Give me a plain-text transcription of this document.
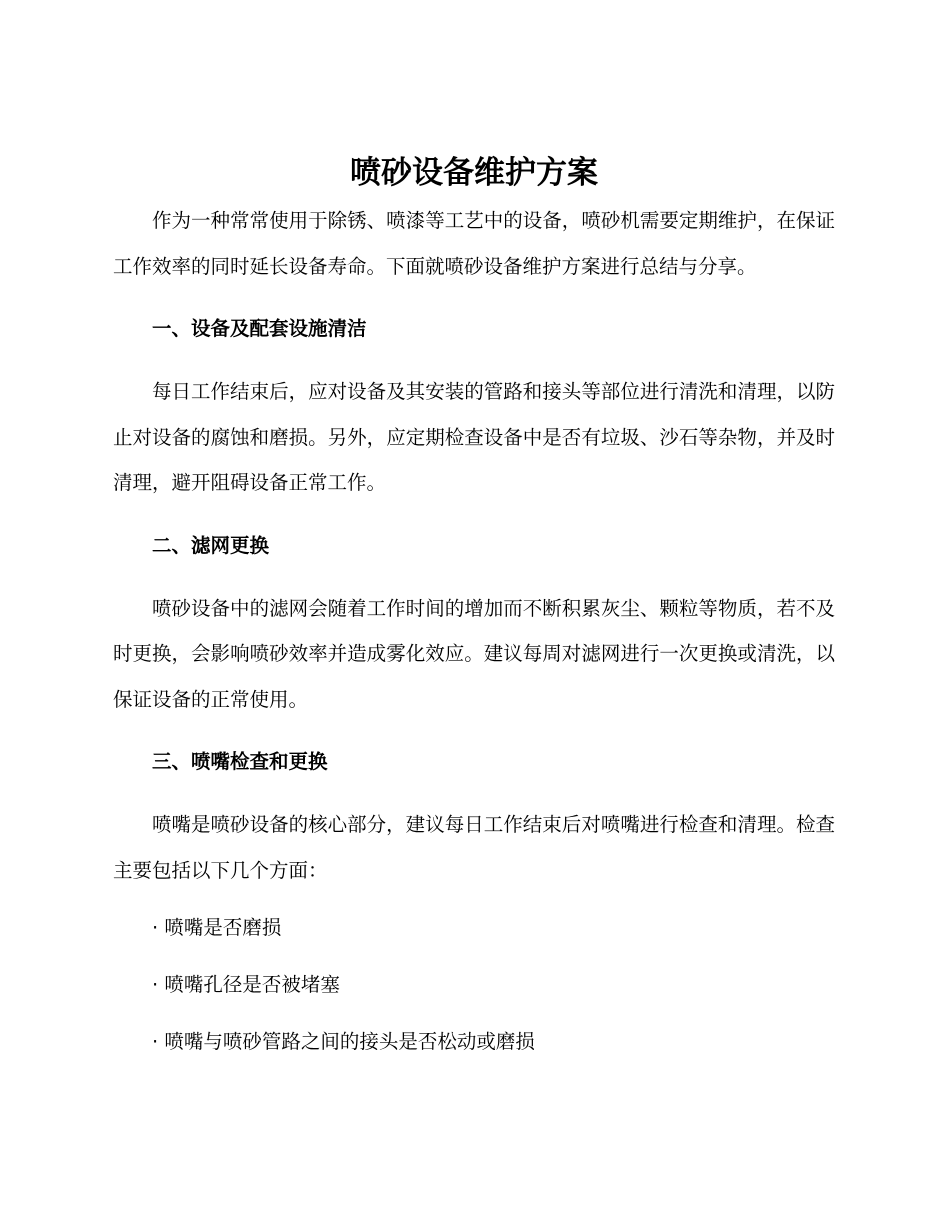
喷砂设备维护方案

作为一种常常使用于除锈、喷漆等工艺中的设备，喷砂机需要定期维护，在保证工作效率的同时延长设备寿命。下面就喷砂设备维护方案进行总结与分享。

一、设备及配套设施清洁

每日工作结束后，应对设备及其安装的管路和接头等部位进行清洗和清理，以防止对设备的腐蚀和磨损。另外，应定期检查设备中是否有垃圾、沙石等杂物，并及时清理，避开阻碍设备正常工作。

二、滤网更换

喷砂设备中的滤网会随着工作时间的增加而不断积累灰尘、颗粒等物质，若不及时更换，会影响喷砂效率并造成雾化效应。建议每周对滤网进行一次更换或清洗，以保证设备的正常使用。

三、喷嘴检查和更换

喷嘴是喷砂设备的核心部分，建议每日工作结束后对喷嘴进行检查和清理。检查主要包括以下几个方面：

· 喷嘴是否磨损
· 喷嘴孔径是否被堵塞
· 喷嘴与喷砂管路之间的接头是否松动或磨损
